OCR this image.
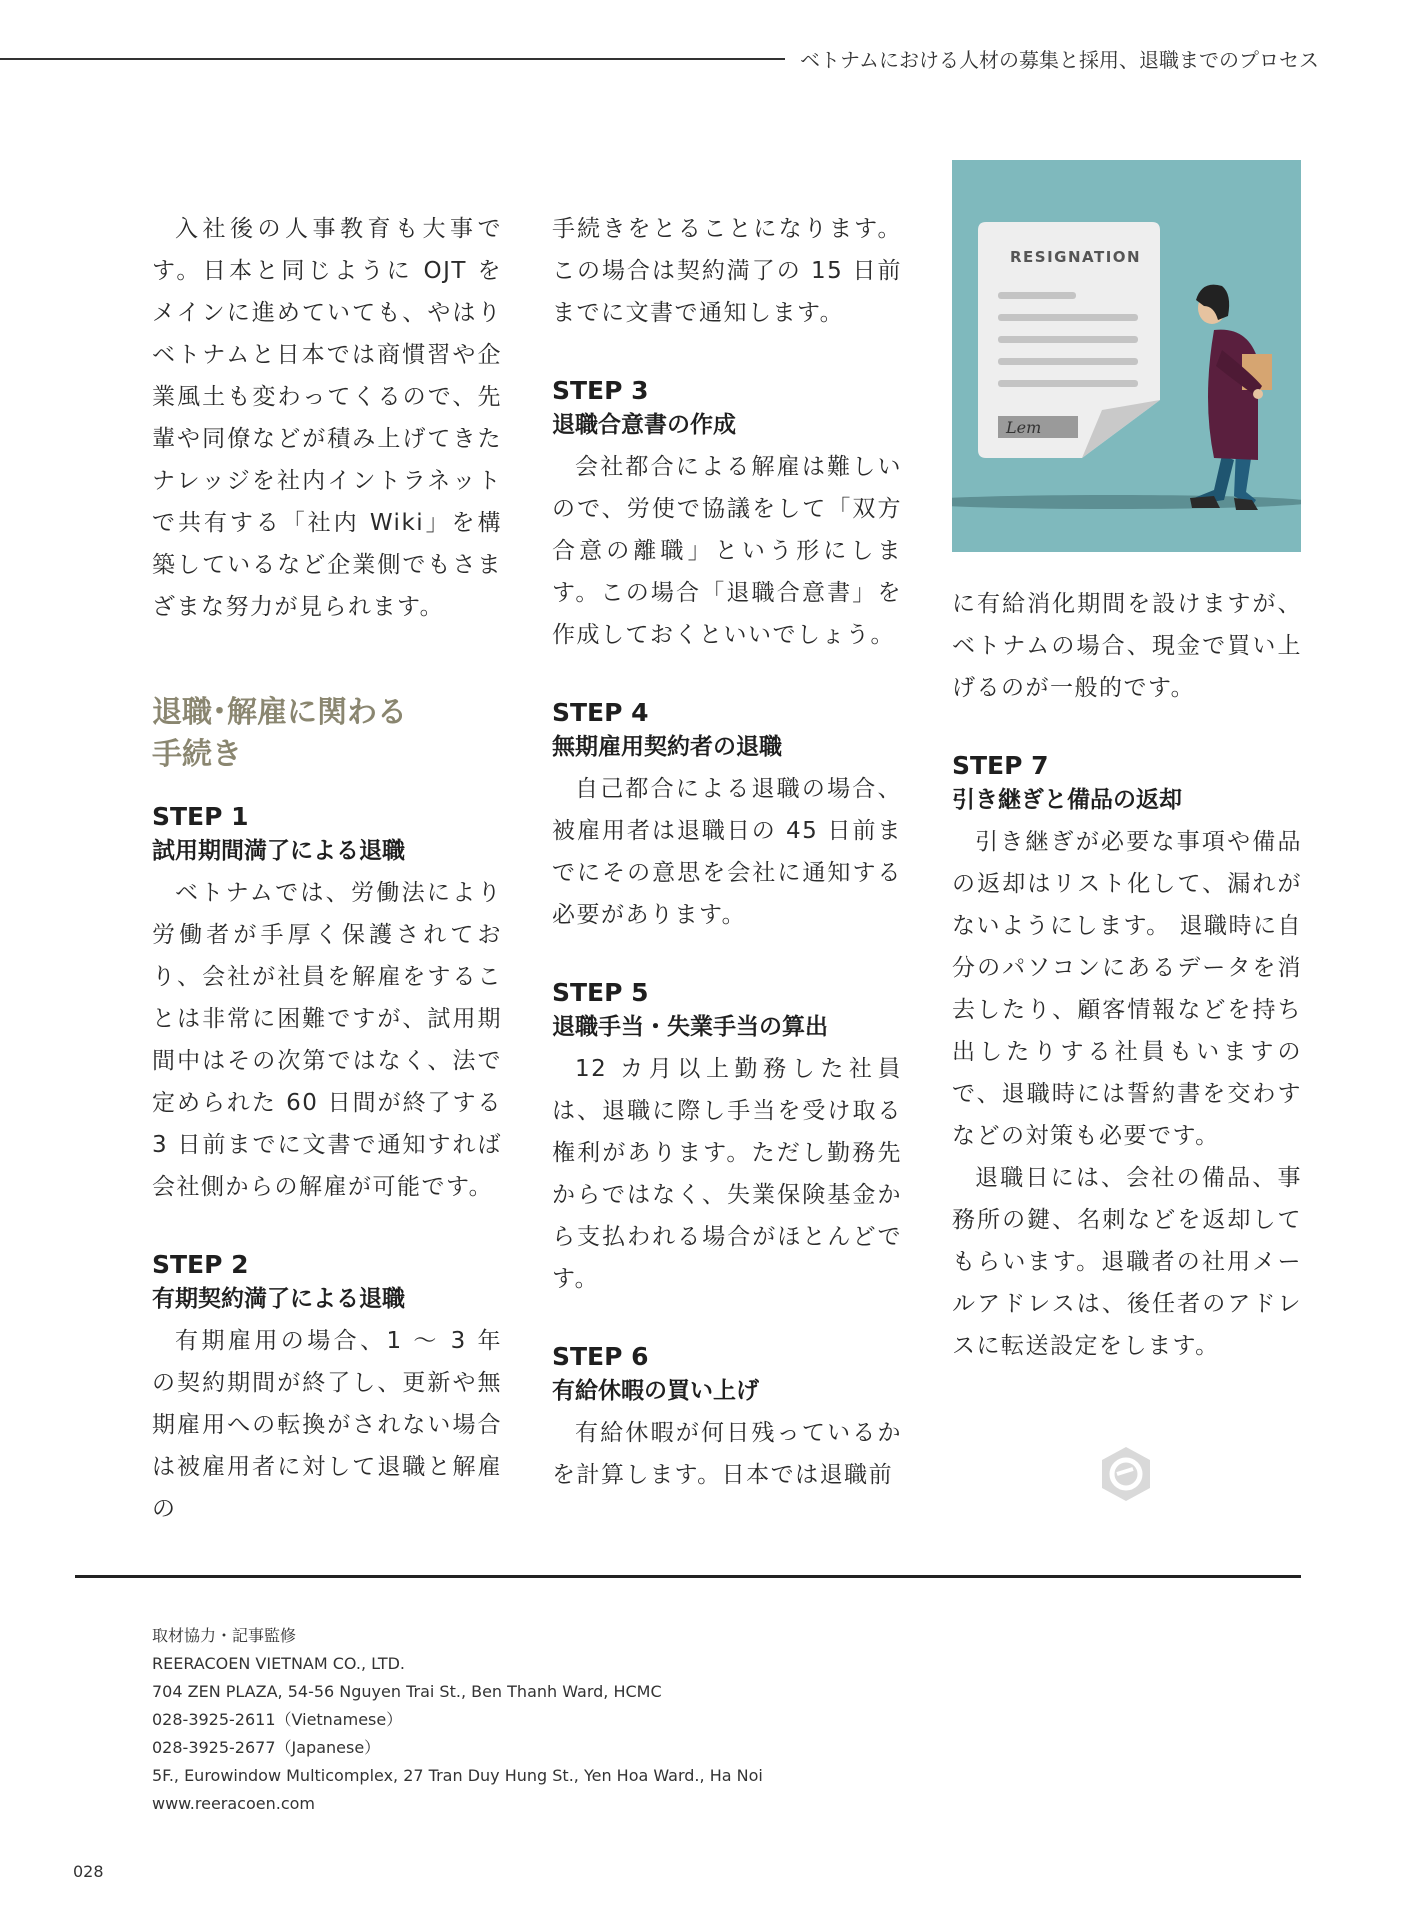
ベトナムにおける人材の募集と採用、退職までのプロセス

入社後の人事教育も大事です。日本と同じように OJT をメインに進めていても、やはりベトナムと日本では商慣習や企業風土も変わってくるので、先輩や同僚などが積み上げてきたナレッジを社内イントラネットで共有する「社内 Wiki」を構築しているなど企業側でもさまざまな努力が見られます。

退職･解雇に関わる
手続き
STEP 1
試用期間満了による退職

ベトナムでは、労働法により労働者が手厚く保護されており、会社が社員を解雇をすることは非常に困難ですが、試用期間中はその次第ではなく、法で定められた 60 日間が終了する 3 日前までに文書で通知すれば会社側からの解雇が可能です。

STEP 2
有期契約満了による退職

有期雇用の場合、1 〜 3 年の契約期間が終了し、更新や無期雇用への転換がされない場合は被雇用者に対して退職と解雇の

手続きをとることになります。この場合は契約満了の 15 日前までに文書で通知します。

STEP 3
退職合意書の作成

会社都合による解雇は難しいので、労使で協議をして「双方合意の離職」という形にします。この場合「退職合意書」を作成しておくといいでしょう。

STEP 4
無期雇用契約者の退職

自己都合による退職の場合、被雇用者は退職日の 45 日前までにその意思を会社に通知する必要があります。

STEP 5
退職手当・失業手当の算出

12 カ月以上勤務した社員は、退職に際し手当を受け取る権利があります。ただし勤務先からではなく、失業保険基金から支払われる場合がほとんどです。

STEP 6
有給休暇の買い上げ

有給休暇が何日残っているかを計算します。日本では退職前

RESIGNATION
Lem

に有給消化期間を設けますが、ベトナムの場合、現金で買い上げるのが一般的です。

STEP 7
引き継ぎと備品の返却

引き継ぎが必要な事項や備品の返却はリスト化して、漏れがないようにします。 退職時に自分のパソコンにあるデータを消去したり、顧客情報などを持ち出したりする社員もいますので、退職時には誓約書を交わすなどの対策も必要です。

退職日には、会社の備品、事務所の鍵、名刺などを返却してもらいます。退職者の社用メールアドレスは、後任者のアドレスに転送設定をします。

取材協力・記事監修
REERACOEN VIETNAM CO., LTD.
704 ZEN PLAZA, 54-56 Nguyen Trai St., Ben Thanh Ward, HCMC
028-3925-2611（Vietnamese）
028-3925-2677（Japanese）
5F., Eurowindow Multicomplex, 27 Tran Duy Hung St., Yen Hoa Ward., Ha Noi
www.reeracoen.com
028
